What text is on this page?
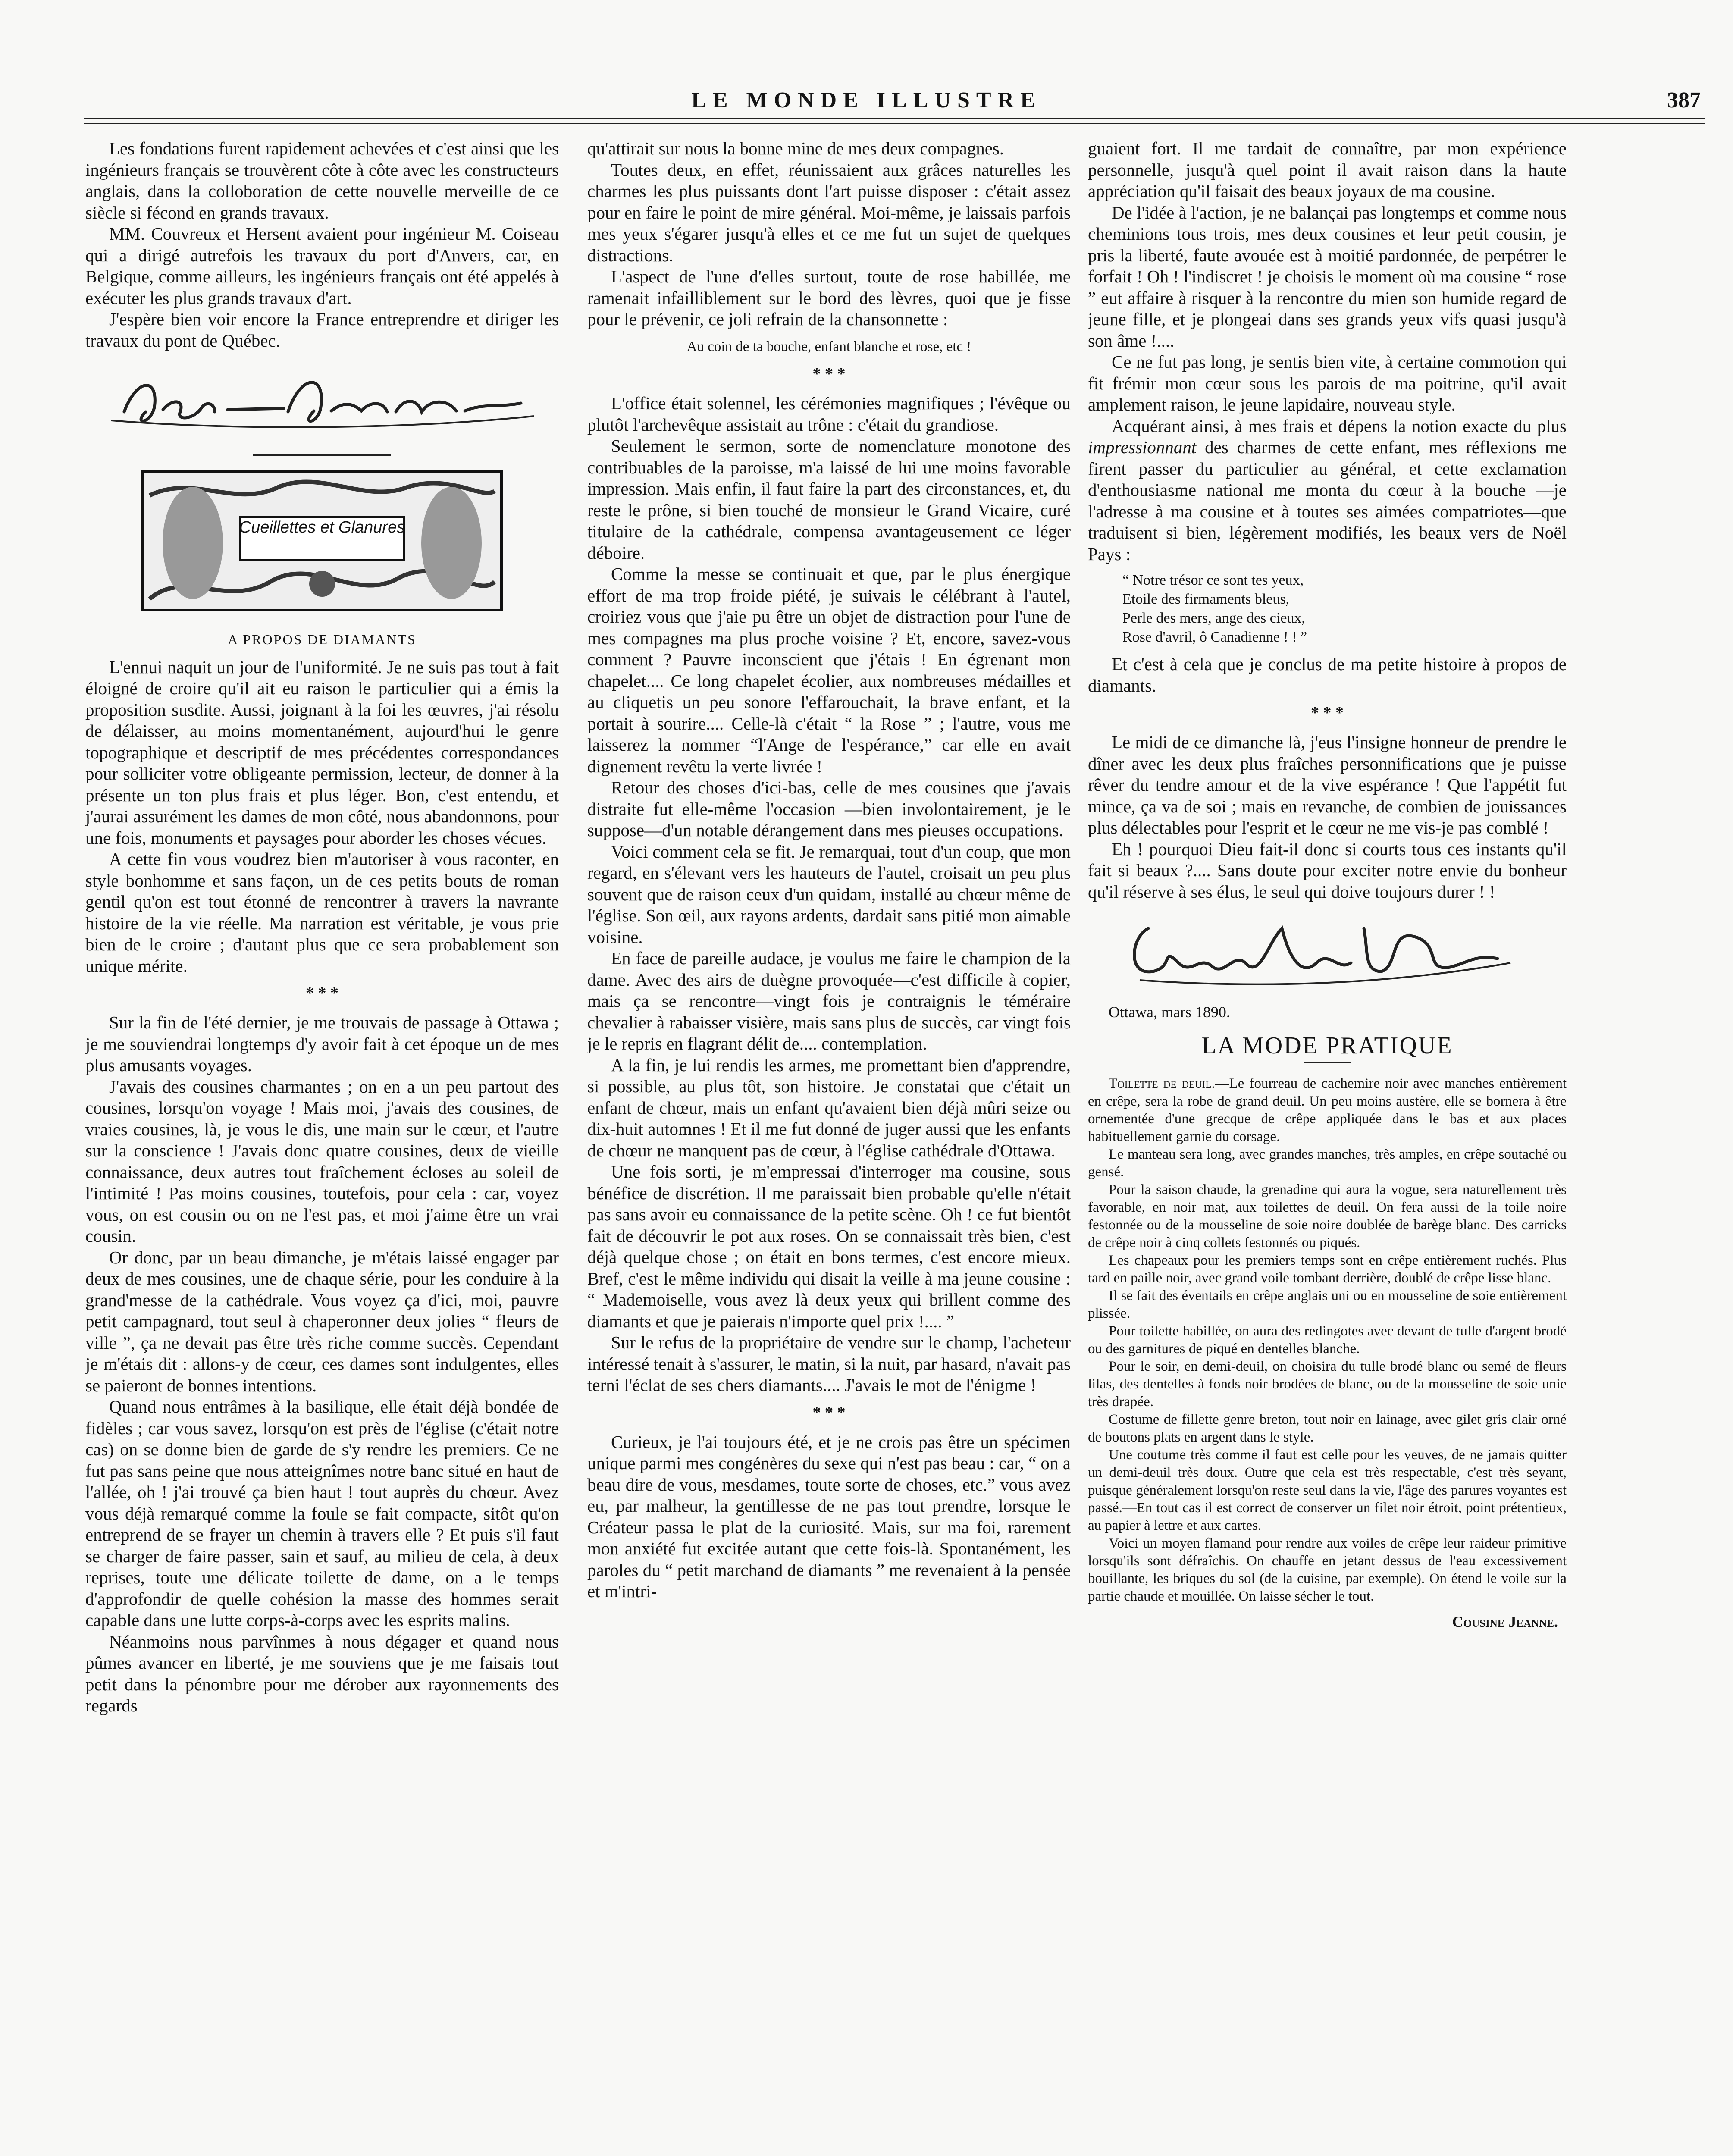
LE MONDE ILLUSTRE	387

Les fondations furent rapidement achevées et c'est ainsi que les ingénieurs français se trouvèrent côte à côte avec les constructeurs anglais, dans la colloboration de cette nouvelle merveille de ce siècle si fécond en grands travaux.

MM. Couvreux et Hersent avaient pour ingénieur M. Coiseau qui a dirigé autrefois les travaux du port d'Anvers, car, en Belgique, comme ailleurs, les ingénieurs français ont été appelés à exécuter les plus grands travaux d'art.

J'espère bien voir encore la France entreprendre et diriger les travaux du pont de Québec.

A PROPOS DE DIAMANTS

L'ennui naquit un jour de l'uniformité. Je ne suis pas tout à fait éloigné de croire qu'il ait eu raison le particulier qui a émis la proposition susdite. Aussi, joignant à la foi les œuvres, j'ai résolu de délaisser, au moins momentanément, aujourd'hui le genre topographique et descriptif de mes précédentes correspondances pour solliciter votre obligeante permission, lecteur, de donner à la présente un ton plus frais et plus léger. Bon, c'est entendu, et j'aurai assurément les dames de mon côté, nous abandonnons, pour une fois, monuments et paysages pour aborder les choses vécues.

A cette fin vous voudrez bien m'autoriser à vous raconter, en style bonhomme et sans façon, un de ces petits bouts de roman gentil qu'on est tout étonné de rencontrer à travers la navrante histoire de la vie réelle. Ma narration est véritable, je vous prie bien de le croire ; d'autant plus que ce sera probablement son unique mérite.

* * *

Sur la fin de l'été dernier, je me trouvais de passage à Ottawa ; je me souviendrai longtemps d'y avoir fait à cet époque un de mes plus amusants voyages.

J'avais des cousines charmantes ; on en a un peu partout des cousines, lorsqu'on voyage ! Mais moi, j'avais des cousines, de vraies cousines, là, je vous le dis, une main sur le cœur, et l'autre sur la conscience ! J'avais donc quatre cousines, deux de vieille connaissance, deux autres tout fraîchement écloses au soleil de l'intimité ! Pas moins cousines, toutefois, pour cela : car, voyez vous, on est cousin ou on ne l'est pas, et moi j'aime être un vrai cousin.

Or donc, par un beau dimanche, je m'étais laissé engager par deux de mes cousines, une de chaque série, pour les conduire à la grand'messe de la cathédrale. Vous voyez ça d'ici, moi, pauvre petit campagnard, tout seul à chaperonner deux jolies “ fleurs de ville ”, ça ne devait pas être très riche comme succès. Cependant je m'étais dit : allons-y de cœur, ces dames sont indulgentes, elles se paieront de bonnes intentions.

Quand nous entrâmes à la basilique, elle était déjà bondée de fidèles ; car vous savez, lorsqu'on est près de l'église (c'était notre cas) on se donne bien de garde de s'y rendre les premiers. Ce ne fut pas sans peine que nous atteignîmes notre banc situé en haut de l'allée, oh ! j'ai trouvé ça bien haut ! tout auprès du chœur. Avez vous déjà remarqué comme la foule se fait compacte, sitôt qu'on entreprend de se frayer un chemin à travers elle ? Et puis s'il faut se charger de faire passer, sain et sauf, au milieu de cela, à deux reprises, toute une délicate toilette de dame, on a le temps d'approfondir de quelle cohésion la masse des hommes serait capable dans une lutte corps-à-corps avec les esprits malins.

Néanmoins nous parvînmes à nous dégager et quand nous pûmes avancer en liberté, je me souviens que je me faisais tout petit dans la pénombre pour me dérober aux rayonnements des regards

qu'attirait sur nous la bonne mine de mes deux compagnes.

Toutes deux, en effet, réunissaient aux grâces naturelles les charmes les plus puissants dont l'art puisse disposer : c'était assez pour en faire le point de mire général. Moi-même, je laissais parfois mes yeux s'égarer jusqu'à elles et ce me fut un sujet de quelques distractions.

L'aspect de l'une d'elles surtout, toute de rose habillée, me ramenait infailliblement sur le bord des lèvres, quoi que je fisse pour le prévenir, ce joli refrain de la chansonnette :

Au coin de ta bouche, enfant blanche et rose, etc !
* * *

L'office était solennel, les cérémonies magnifiques ; l'évêque ou plutôt l'archevêque assistait au trône : c'était du grandiose.

Seulement le sermon, sorte de nomenclature monotone des contribuables de la paroisse, m'a laissé de lui une moins favorable impression. Mais enfin, il faut faire la part des circonstances, et, du reste le prône, si bien touché de monsieur le Grand Vicaire, curé titulaire de la cathédrale, compensa avantageusement ce léger déboire.

Comme la messe se continuait et que, par le plus énergique effort de ma trop froide piété, je suivais le célébrant à l'autel, croiriez vous que j'aie pu être un objet de distraction pour l'une de mes compagnes ma plus proche voisine ? Et, encore, savez-vous comment ? Pauvre inconscient que j'étais ! En égrenant mon chapelet.... Ce long chapelet écolier, aux nombreuses médailles et au cliquetis un peu sonore l'effarouchait, la brave enfant, et la portait à sourire.... Celle-là c'était “ la Rose ” ; l'autre, vous me laisserez la nommer “l'Ange de l'espérance,” car elle en avait dignement revêtu la verte livrée !

Retour des choses d'ici-bas, celle de mes cousines que j'avais distraite fut elle-même l'occasion —bien involontairement, je le suppose—d'un notable dérangement dans mes pieuses occupations.

Voici comment cela se fit. Je remarquai, tout d'un coup, que mon regard, en s'élevant vers les hauteurs de l'autel, croisait un peu plus souvent que de raison ceux d'un quidam, installé au chœur même de l'église. Son œil, aux rayons ardents, dardait sans pitié mon aimable voisine.

En face de pareille audace, je voulus me faire le champion de la dame. Avec des airs de duègne provoquée—c'est difficile à copier, mais ça se rencontre—vingt fois je contraignis le téméraire chevalier à rabaisser visière, mais sans plus de succès, car vingt fois je le repris en flagrant délit de.... contemplation.

A la fin, je lui rendis les armes, me promettant bien d'apprendre, si possible, au plus tôt, son histoire. Je constatai que c'était un enfant de chœur, mais un enfant qu'avaient bien déjà mûri seize ou dix-huit automnes ! Et il me fut donné de juger aussi que les enfants de chœur ne manquent pas de cœur, à l'église cathédrale d'Ottawa.

Une fois sorti, je m'empressai d'interroger ma cousine, sous bénéfice de discrétion. Il me paraissait bien probable qu'elle n'était pas sans avoir eu connaissance de la petite scène. Oh ! ce fut bientôt fait de découvrir le pot aux roses. On se connaissait très bien, c'est déjà quelque chose ; on était en bons termes, c'est encore mieux. Bref, c'est le même individu qui disait la veille à ma jeune cousine : “ Mademoiselle, vous avez là deux yeux qui brillent comme des diamants et que je paierais n'importe quel prix !.... ”

Sur le refus de la propriétaire de vendre sur le champ, l'acheteur intéressé tenait à s'assurer, le matin, si la nuit, par hasard, n'avait pas terni l'éclat de ses chers diamants.... J'avais le mot de l'énigme !

* * *

Curieux, je l'ai toujours été, et je ne crois pas être un spécimen unique parmi mes congénères du sexe qui n'est pas beau : car, “ on a beau dire de vous, mesdames, toute sorte de choses, etc.” vous avez eu, par malheur, la gentillesse de ne pas tout prendre, lorsque le Créateur passa le plat de la curiosité. Mais, sur ma foi, rarement mon anxiété fut excitée autant que cette fois-là. Spontanément, les paroles du “ petit marchand de diamants ” me revenaient à la pensée et m'intri-

guaient fort. Il me tardait de connaître, par mon expérience personnelle, jusqu'à quel point il avait raison dans la haute appréciation qu'il faisait des beaux joyaux de ma cousine.

De l'idée à l'action, je ne balançai pas longtemps et comme nous cheminions tous trois, mes deux cousines et leur petit cousin, je pris la liberté, faute avouée est à moitié pardonnée, de perpétrer le forfait ! Oh ! l'indiscret ! je choisis le moment où ma cousine “ rose ” eut affaire à risquer à la rencontre du mien son humide regard de jeune fille, et je plongeai dans ses grands yeux vifs quasi jusqu'à son âme !....

Ce ne fut pas long, je sentis bien vite, à certaine commotion qui fit frémir mon cœur sous les parois de ma poitrine, qu'il avait amplement raison, le jeune lapidaire, nouveau style.

Acquérant ainsi, à mes frais et dépens la notion exacte du plus impressionnant des charmes de cette enfant, mes réflexions me firent passer du particulier au général, et cette exclamation d'enthousiasme national me monta du cœur à la bouche —je l'adresse à ma cousine et à toutes ses aimées compatriotes—que traduisent si bien, légèrement modifiés, les beaux vers de Noël Pays :

“ Notre trésor ce sont tes yeux,
Etoile des firmaments bleus,
Perle des mers, ange des cieux,
Rose d'avril, ô Canadienne ! ! ”

Et c'est à cela que je conclus de ma petite histoire à propos de diamants.

* * *

Le midi de ce dimanche là, j'eus l'insigne honneur de prendre le dîner avec les deux plus fraîches personnifications que je puisse rêver du tendre amour et de la vive espérance ! Que l'appétit fut mince, ça va de soi ; mais en revanche, de combien de jouissances plus délectables pour l'esprit et le cœur ne me vis-je pas comblé !

Eh ! pourquoi Dieu fait-il donc si courts tous ces instants qu'il fait si beaux ?.... Sans doute pour exciter notre envie du bonheur qu'il réserve à ses élus, le seul qui doive toujours durer ! !

Ottawa, mars 1890.
LA MODE PRATIQUE

Toilette de deuil.—Le fourreau de cachemire noir avec manches entièrement en crêpe, sera la robe de grand deuil. Un peu moins austère, elle se bornera à être ornementée d'une grecque de crêpe appliquée dans le bas et aux places habituellement garnie du corsage.

Le manteau sera long, avec grandes manches, très amples, en crêpe soutaché ou gensé.

Pour la saison chaude, la grenadine qui aura la vogue, sera naturellement très favorable, en noir mat, aux toilettes de deuil. On fera aussi de la toile noire festonnée ou de la mousseline de soie noire doublée de barège blanc. Des carricks de crêpe noir à cinq collets festonnés ou piqués.

Les chapeaux pour les premiers temps sont en crêpe entièrement ruchés. Plus tard en paille noir, avec grand voile tombant derrière, doublé de crêpe lisse blanc.

Il se fait des éventails en crêpe anglais uni ou en mousseline de soie entièrement plissée.

Pour toilette habillée, on aura des redingotes avec devant de tulle d'argent brodé ou des garnitures de piqué en dentelles blanche.

Pour le soir, en demi-deuil, on choisira du tulle brodé blanc ou semé de fleurs lilas, des dentelles à fonds noir brodées de blanc, ou de la mousseline de soie unie très drapée.

Costume de fillette genre breton, tout noir en lainage, avec gilet gris clair orné de boutons plats en argent dans le style.

Une coutume très comme il faut est celle pour les veuves, de ne jamais quitter un demi-deuil très doux. Outre que cela est très respectable, c'est très seyant, puisque généralement lorsqu'on reste seul dans la vie, l'âge des parures voyantes est passé.—En tout cas il est correct de conserver un filet noir étroit, point prétentieux, au papier à lettre et aux cartes.

Voici un moyen flamand pour rendre aux voiles de crêpe leur raideur primitive lorsqu'ils sont défraîchis. On chauffe en jetant dessus de l'eau excessivement bouillante, les briques du sol (de la cuisine, par exemple). On étend le voile sur la partie chaude et mouillée. On laisse sécher le tout.

Cousine Jeanne.
